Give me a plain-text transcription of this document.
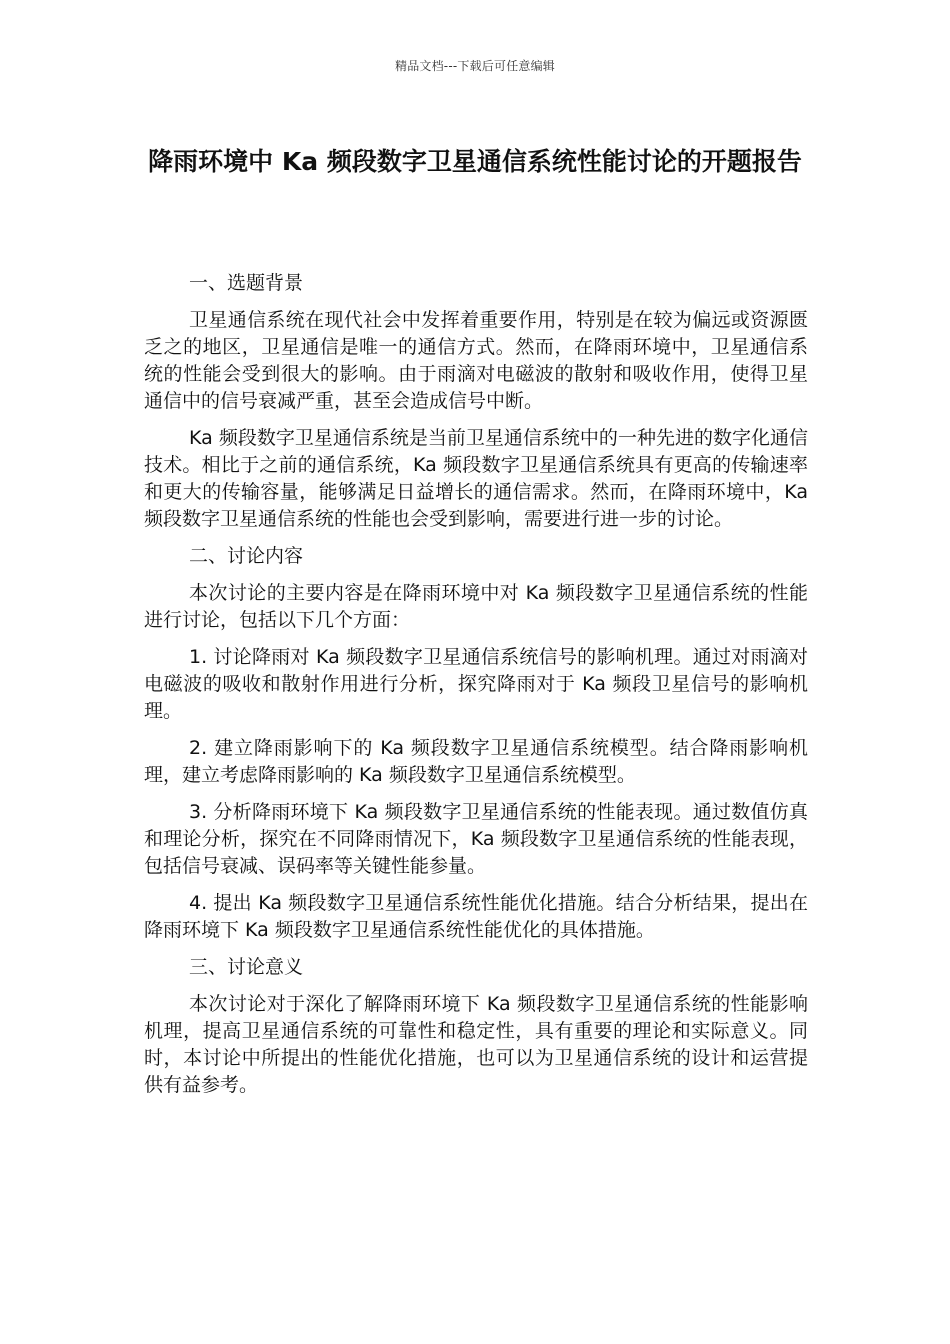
精品文档---下载后可任意编辑
降雨环境中 Ka 频段数字卫星通信系统性能讨论的开题报告

一、选题背景

卫星通信系统在现代社会中发挥着重要作用，特别是在较为偏远或资源匮乏之的地区，卫星通信是唯一的通信方式。然而，在降雨环境中，卫星通信系统的性能会受到很大的影响。由于雨滴对电磁波的散射和吸收作用，使得卫星通信中的信号衰减严重，甚至会造成信号中断。

Ka 频段数字卫星通信系统是当前卫星通信系统中的一种先进的数字化通信技术。相比于之前的通信系统，Ka 频段数字卫星通信系统具有更高的传输速率和更大的传输容量，能够满足日益增长的通信需求。然而，在降雨环境中，Ka 频段数字卫星通信系统的性能也会受到影响，需要进行进一步的讨论。

二、讨论内容

本次讨论的主要内容是在降雨环境中对 Ka 频段数字卫星通信系统的性能进行讨论，包括以下几个方面：

1. 讨论降雨对 Ka 频段数字卫星通信系统信号的影响机理。通过对雨滴对电磁波的吸收和散射作用进行分析，探究降雨对于 Ka 频段卫星信号的影响机理。

2. 建立降雨影响下的 Ka 频段数字卫星通信系统模型。结合降雨影响机理，建立考虑降雨影响的 Ka 频段数字卫星通信系统模型。

3. 分析降雨环境下 Ka 频段数字卫星通信系统的性能表现。通过数值仿真和理论分析，探究在不同降雨情况下，Ka 频段数字卫星通信系统的性能表现，包括信号衰减、误码率等关键性能参量。

4. 提出 Ka 频段数字卫星通信系统性能优化措施。结合分析结果，提出在降雨环境下 Ka 频段数字卫星通信系统性能优化的具体措施。

三、讨论意义

本次讨论对于深化了解降雨环境下 Ka 频段数字卫星通信系统的性能影响机理，提高卫星通信系统的可靠性和稳定性，具有重要的理论和实际意义。同时，本讨论中所提出的性能优化措施，也可以为卫星通信系统的设计和运营提供有益参考。
